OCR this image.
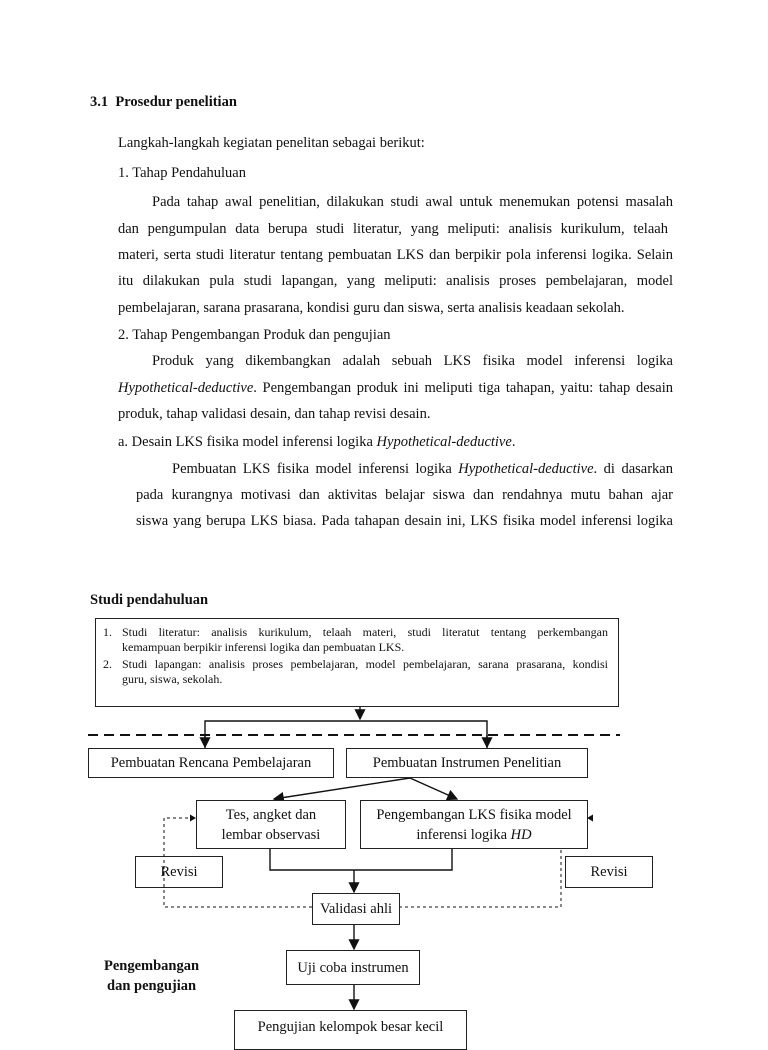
3.1 Prosedur penelitian
Langkah-langkah kegiatan penelitan sebagai berikut:
1. Tahap Pendahuluan
Pada tahap awal penelitian, dilakukan studi awal untuk menemukan potensi masalah
dan pengumpulan data berupa studi literatur, yang meliputi: analisis kurikulum, telaah
materi, serta studi literatur tentang pembuatan LKS dan berpikir pola inferensi logika. Selain
itu dilakukan pula studi lapangan, yang meliputi: analisis proses pembelajaran, model
pembelajaran, sarana prasarana, kondisi guru dan siswa, serta analisis keadaan sekolah.
2. Tahap Pengembangan Produk dan pengujian
Produk yang dikembangkan adalah sebuah LKS fisika model inferensi logika
Hypothetical-deductive. Pengembangan produk ini meliputi tiga tahapan, yaitu: tahap desain
produk, tahap validasi desain, dan tahap revisi desain.
a. Desain LKS fisika model inferensi logika Hypothetical-deductive.
Pembuatan LKS fisika model inferensi logika Hypothetical-deductive. di dasarkan
pada kurangnya motivasi dan aktivitas belajar siswa dan rendahnya mutu bahan ajar
siswa yang berupa LKS biasa. Pada tahapan desain ini, LKS fisika model inferensi logika
Studi pendahuluan
1. Studi literatur: analisis kurikulum, telaah materi, studi literatut tentang perkembangan
kemampuan berpikir inferensi logika dan pembuatan LKS.
2. Studi lapangan: analisis proses pembelajaran, model pembelajaran, sarana prasarana, kondisi
guru, siswa, sekolah.
Pembuatan Rencana Pembelajaran	Pembuatan Instrumen Penelitian
Tes, angket dan
lembar observasi
Pengembangan LKS fisika model
inferensi logika HD
Revisi	Revisi
Validasi ahli
Uji coba instrumen
Pengujian kelompok besar kecil
Pengembangan
dan pengujian
